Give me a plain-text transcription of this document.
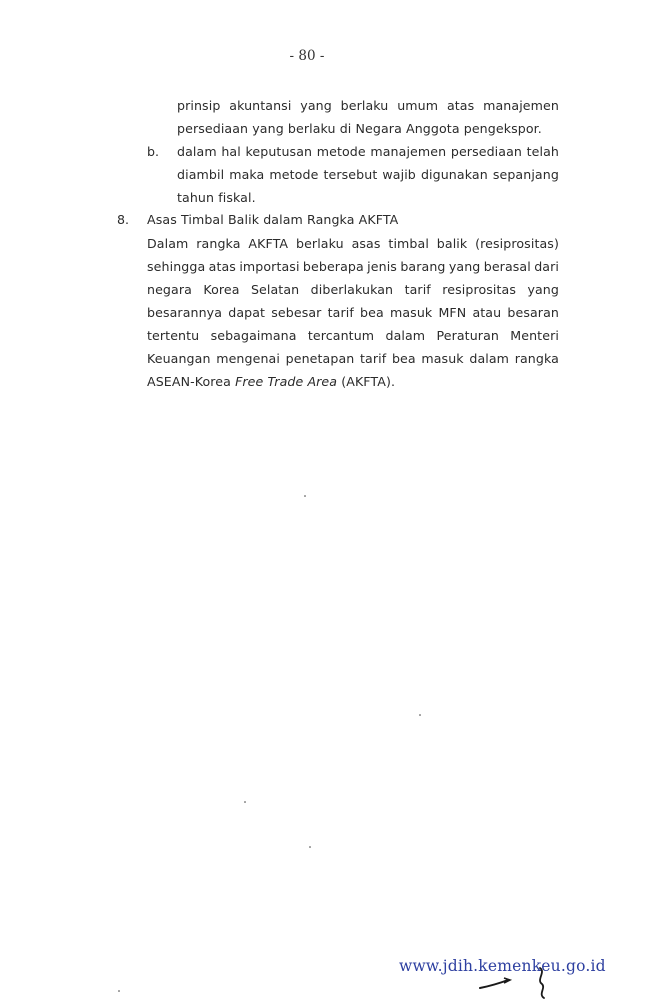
- 80 -
prinsip akuntansi yang berlaku umum atas manajemen
persediaan yang berlaku di Negara Anggota pengekspor.
b. dalam hal keputusan metode manajemen persediaan telah
diambil maka metode tersebut wajib digunakan sepanjang
tahun fiskal.
8. Asas Timbal Balik dalam Rangka AKFTA
Dalam rangka AKFTA berlaku asas timbal balik (resiprositas)
sehingga atas importasi beberapa jenis barang yang berasal dari
negara Korea Selatan diberlakukan tarif resiprositas yang
besarannya dapat sebesar tarif bea masuk MFN atau besaran
tertentu sebagaimana tercantum dalam Peraturan Menteri
Keuangan mengenai penetapan tarif bea masuk dalam rangka
ASEAN-Korea Free Trade Area (AKFTA).
www.jdih.kemenkeu.go.id
